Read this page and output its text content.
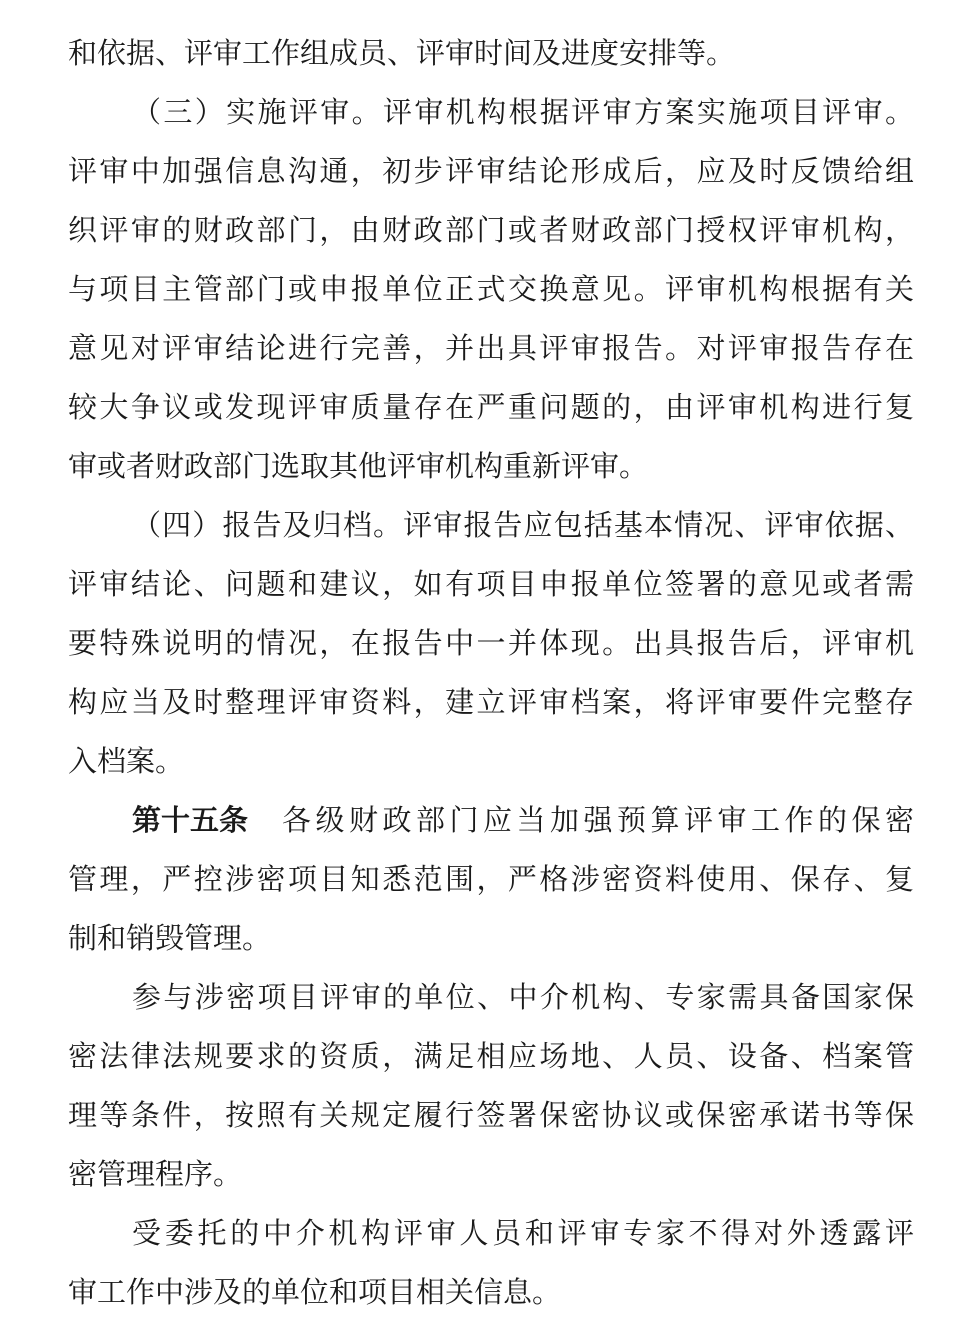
和依据、评审工作组成员、评审时间及进度安排等。
（三）实施评审。评审机构根据评审方案实施项目评审。
评审中加强信息沟通，初步评审结论形成后，应及时反馈给组
织评审的财政部门，由财政部门或者财政部门授权评审机构，
与项目主管部门或申报单位正式交换意见。评审机构根据有关
意见对评审结论进行完善，并出具评审报告。对评审报告存在
较大争议或发现评审质量存在严重问题的，由评审机构进行复
审或者财政部门选取其他评审机构重新评审。
（四）报告及归档。评审报告应包括基本情况、评审依据、
评审结论、问题和建议，如有项目申报单位签署的意见或者需
要特殊说明的情况，在报告中一并体现。出具报告后，评审机
构应当及时整理评审资料，建立评审档案，将评审要件完整存
入档案。
第十五条 各级财政部门应当加强预算评审工作的保密
管理，严控涉密项目知悉范围，严格涉密资料使用、保存、复
制和销毁管理。
参与涉密项目评审的单位、中介机构、专家需具备国家保
密法律法规要求的资质，满足相应场地、人员、设备、档案管
理等条件，按照有关规定履行签署保密协议或保密承诺书等保
密管理程序。
受委托的中介机构评审人员和评审专家不得对外透露评
审工作中涉及的单位和项目相关信息。
